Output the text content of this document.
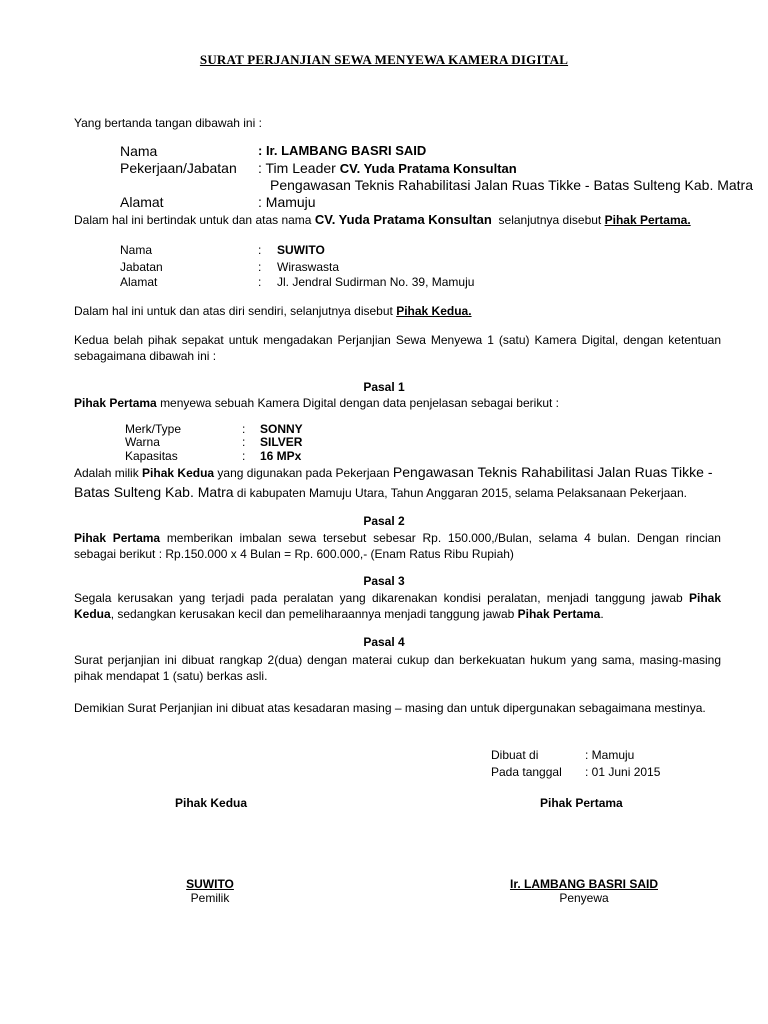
SURAT PERJANJIAN SEWA MENYEWA KAMERA DIGITAL
Yang bertanda tangan dibawah ini :
Nama	: Ir. LAMBANG BASRI SAID
Pekerjaan/Jabatan : Tim Leader CV. Yuda Pratama Konsultan
Pengawasan Teknis Rahabilitasi Jalan Ruas Tikke - Batas Sulteng Kab. Matra
Alamat	: Mamuju
Dalam hal ini bertindak untuk dan atas nama CV. Yuda Pratama Konsultan selanjutnya disebut Pihak Pertama.
Nama	: SUWITO
Jabatan	: Wiraswasta
Alamat	: Jl. Jendral Sudirman No. 39, Mamuju
Dalam hal ini untuk dan atas diri sendiri, selanjutnya disebut Pihak Kedua.
Kedua belah pihak sepakat untuk mengadakan Perjanjian Sewa Menyewa 1 (satu) Kamera Digital, dengan ketentuan sebagaimana dibawah ini :
Pasal 1
Pihak Pertama menyewa sebuah Kamera Digital dengan data penjelasan sebagai berikut :
Merk/Type	: SONNY
Warna	: SILVER
Kapasitas	: 16 MPx
Adalah milik Pihak Kedua yang digunakan pada Pekerjaan Pengawasan Teknis Rahabilitasi Jalan Ruas Tikke -
Batas Sulteng Kab. Matra di kabupaten Mamuju Utara, Tahun Anggaran 2015, selama Pelaksanaan Pekerjaan.
Pasal 2
Pihak Pertama memberikan imbalan sewa tersebut sebesar Rp. 150.000,/Bulan, selama 4 bulan. Dengan rincian sebagai berikut : Rp.150.000 x 4 Bulan = Rp. 600.000,- (Enam Ratus Ribu Rupiah)
Pasal 3
Segala kerusakan yang terjadi pada peralatan yang dikarenakan kondisi peralatan, menjadi tanggung jawab Pihak Kedua, sedangkan kerusakan kecil dan pemeliharaannya menjadi tanggung jawab Pihak Pertama.
Pasal 4
Surat perjanjian ini dibuat rangkap 2(dua) dengan materai cukup dan berkekuatan hukum yang sama, masing-masing pihak mendapat 1 (satu) berkas asli.
Demikian Surat Perjanjian ini dibuat atas kesadaran masing – masing dan untuk dipergunakan sebagaimana mestinya.
Dibuat di	: Mamuju
Pada tanggal : 01 Juni 2015
Pihak Kedua	Pihak Pertama
SUWITO
Pemilik
Ir. LAMBANG BASRI SAID
Penyewa
